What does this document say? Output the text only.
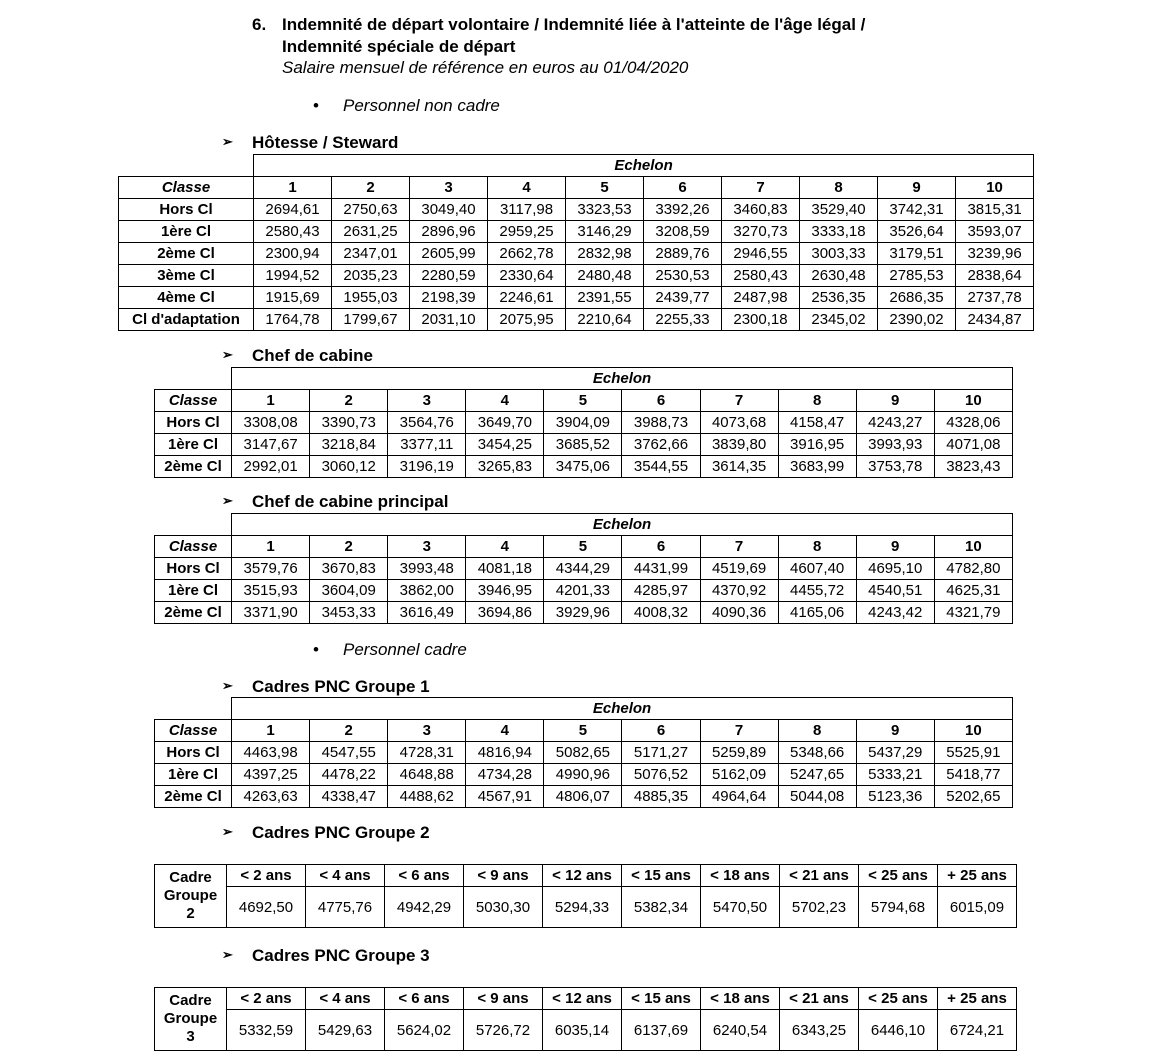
6. Indemnité de départ volontaire / Indemnité liée à l'atteinte de l'âge légal /
Indemnité spéciale de départ
Salaire mensuel de référence en euros au 01/04/2020
• Personnel non cadre
➢ Hôtesse / Steward
	Echelon									
Classe	1	2	3	4	5	6	7	8	9	10
Hors Cl	2694,61	2750,63	3049,40	3117,98	3323,53	3392,26	3460,83	3529,40	3742,31	3815,31
1ère Cl	2580,43	2631,25	2896,96	2959,25	3146,29	3208,59	3270,73	3333,18	3526,64	3593,07
2ème Cl	2300,94	2347,01	2605,99	2662,78	2832,98	2889,76	2946,55	3003,33	3179,51	3239,96
3ème Cl	1994,52	2035,23	2280,59	2330,64	2480,48	2530,53	2580,43	2630,48	2785,53	2838,64
4ème Cl	1915,69	1955,03	2198,39	2246,61	2391,55	2439,77	2487,98	2536,35	2686,35	2737,78
Cl d'adaptation	1764,78	1799,67	2031,10	2075,95	2210,64	2255,33	2300,18	2345,02	2390,02	2434,87
➢ Chef de cabine
	Echelon									
Classe	1	2	3	4	5	6	7	8	9	10
Hors Cl	3308,08	3390,73	3564,76	3649,70	3904,09	3988,73	4073,68	4158,47	4243,27	4328,06
1ère Cl	3147,67	3218,84	3377,11	3454,25	3685,52	3762,66	3839,80	3916,95	3993,93	4071,08
2ème Cl	2992,01	3060,12	3196,19	3265,83	3475,06	3544,55	3614,35	3683,99	3753,78	3823,43
➢ Chef de cabine principal
	Echelon									
Classe	1	2	3	4	5	6	7	8	9	10
Hors Cl	3579,76	3670,83	3993,48	4081,18	4344,29	4431,99	4519,69	4607,40	4695,10	4782,80
1ère Cl	3515,93	3604,09	3862,00	3946,95	4201,33	4285,97	4370,92	4455,72	4540,51	4625,31
2ème Cl	3371,90	3453,33	3616,49	3694,86	3929,96	4008,32	4090,36	4165,06	4243,42	4321,79
• Personnel cadre
➢ Cadres PNC Groupe 1
	Echelon									
Classe	1	2	3	4	5	6	7	8	9	10
Hors Cl	4463,98	4547,55	4728,31	4816,94	5082,65	5171,27	5259,89	5348,66	5437,29	5525,91
1ère Cl	4397,25	4478,22	4648,88	4734,28	4990,96	5076,52	5162,09	5247,65	5333,21	5418,77
2ème Cl	4263,63	4338,47	4488,62	4567,91	4806,07	4885,35	4964,64	5044,08	5123,36	5202,65
➢ Cadres PNC Groupe 2
Cadre
Groupe
2	< 2 ans	< 4 ans	< 6 ans	< 9 ans	< 12 ans	< 15 ans	< 18 ans	< 21 ans	< 25 ans	+ 25 ans
	4692,50	4775,76	4942,29	5030,30	5294,33	5382,34	5470,50	5702,23	5794,68	6015,09
➢ Cadres PNC Groupe 3
Cadre
Groupe
3	< 2 ans	< 4 ans	< 6 ans	< 9 ans	< 12 ans	< 15 ans	< 18 ans	< 21 ans	< 25 ans	+ 25 ans
	5332,59	5429,63	5624,02	5726,72	6035,14	6137,69	6240,54	6343,25	6446,10	6724,21
